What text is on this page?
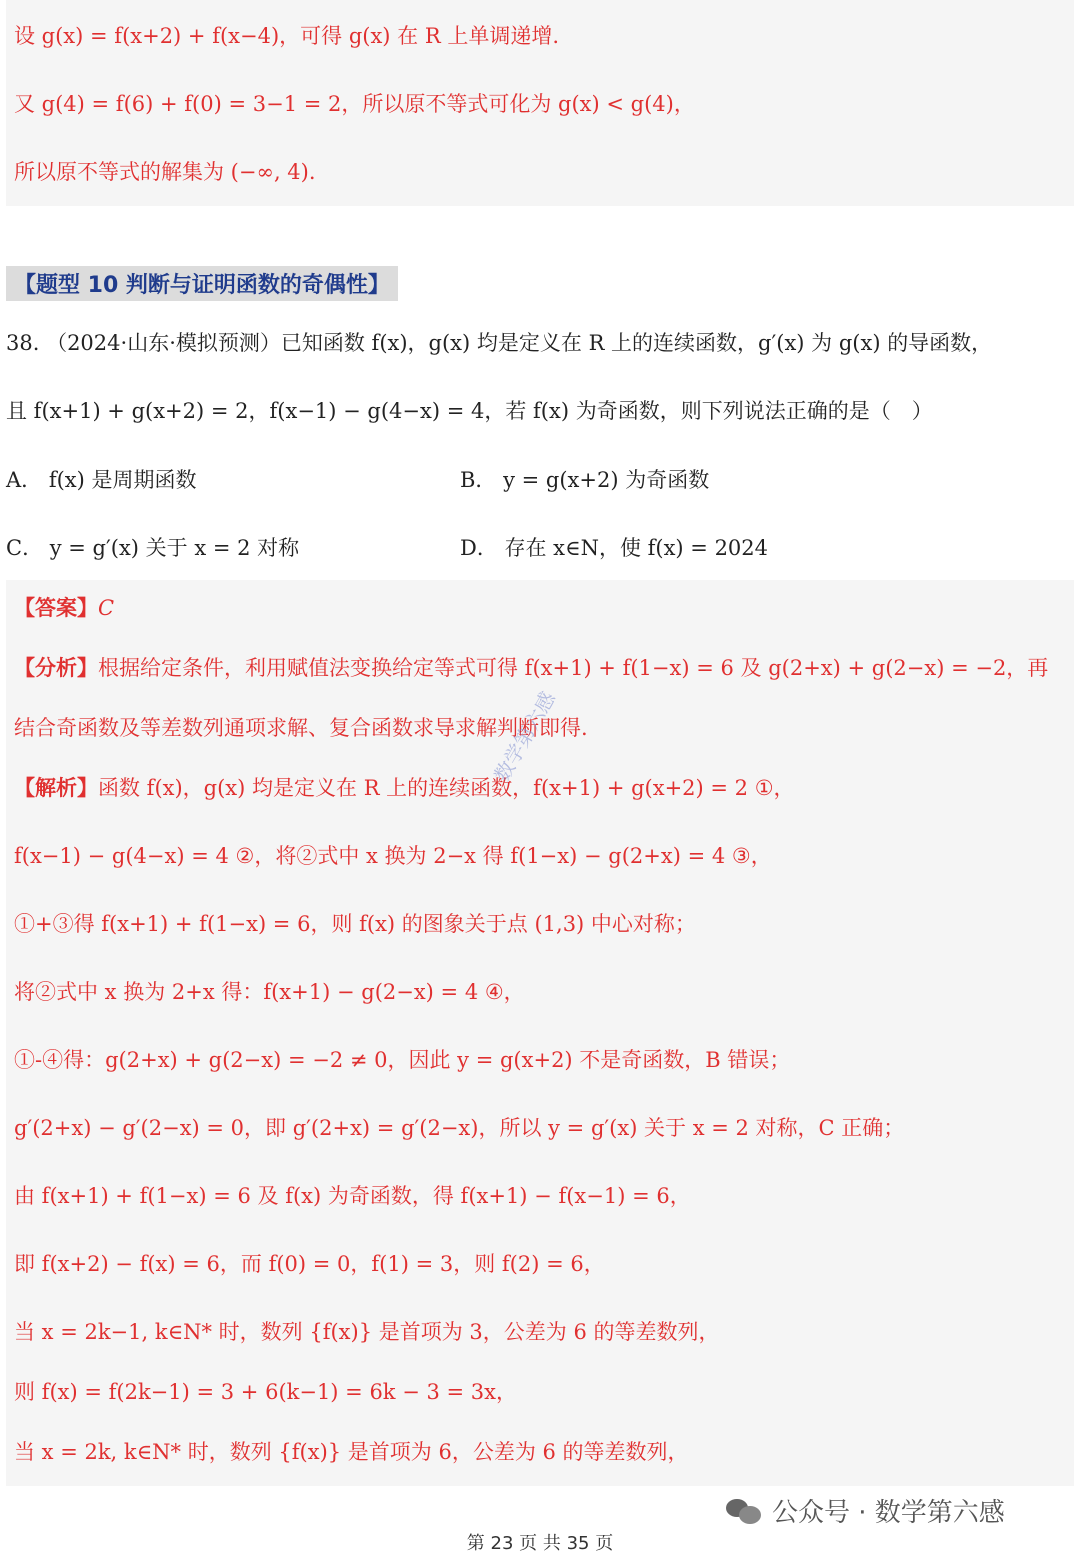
设 g(x) = f(x+2) + f(x−4)，可得 g(x) 在 R 上单调递增.
又 g(4) = f(6) + f(0) = 3−1 = 2，所以原不等式可化为 g(x) < g(4)，
所以原不等式的解集为 (−∞, 4).
【题型 10 判断与证明函数的奇偶性】
38. （2024·山东·模拟预测）已知函数 f(x)，g(x) 均是定义在 R 上的连续函数，g′(x) 为 g(x) 的导函数，
且 f(x+1) + g(x+2) = 2，f(x−1) − g(4−x) = 4，若 f(x) 为奇函数，则下列说法正确的是（　）
A． f(x) 是周期函数	B． y = g(x+2) 为奇函数
C． y = g′(x) 关于 x = 2 对称	D． 存在 x∈N，使 f(x) = 2024
【答案】C
【分析】根据给定条件，利用赋值法变换给定等式可得 f(x+1) + f(1−x) = 6 及 g(2+x) + g(2−x) = −2，再
结合奇函数及等差数列通项求解、复合函数求导求解判断即得.
【解析】函数 f(x)，g(x) 均是定义在 R 上的连续函数，f(x+1) + g(x+2) = 2 ①，
f(x−1) − g(4−x) = 4 ②，将②式中 x 换为 2−x 得 f(1−x) − g(2+x) = 4 ③，
①+③得 f(x+1) + f(1−x) = 6，则 f(x) 的图象关于点 (1,3) 中心对称；
将②式中 x 换为 2+x 得：f(x+1) − g(2−x) = 4 ④，
①-④得：g(2+x) + g(2−x) = −2 ≠ 0，因此 y = g(x+2) 不是奇函数，B 错误；
g′(2+x) − g′(2−x) = 0，即 g′(2+x) = g′(2−x)，所以 y = g′(x) 关于 x = 2 对称，C 正确；
由 f(x+1) + f(1−x) = 6 及 f(x) 为奇函数，得 f(x+1) − f(x−1) = 6，
即 f(x+2) − f(x) = 6，而 f(0) = 0，f(1) = 3，则 f(2) = 6，
当 x = 2k−1, k∈N* 时，数列 {f(x)} 是首项为 3，公差为 6 的等差数列，
则 f(x) = f(2k−1) = 3 + 6(k−1) = 6k − 3 = 3x，
当 x = 2k, k∈N* 时，数列 {f(x)} 是首项为 6，公差为 6 的等差数列，
数学第六感
公众号 · 数学第六感
第 23 页 共 35 页
